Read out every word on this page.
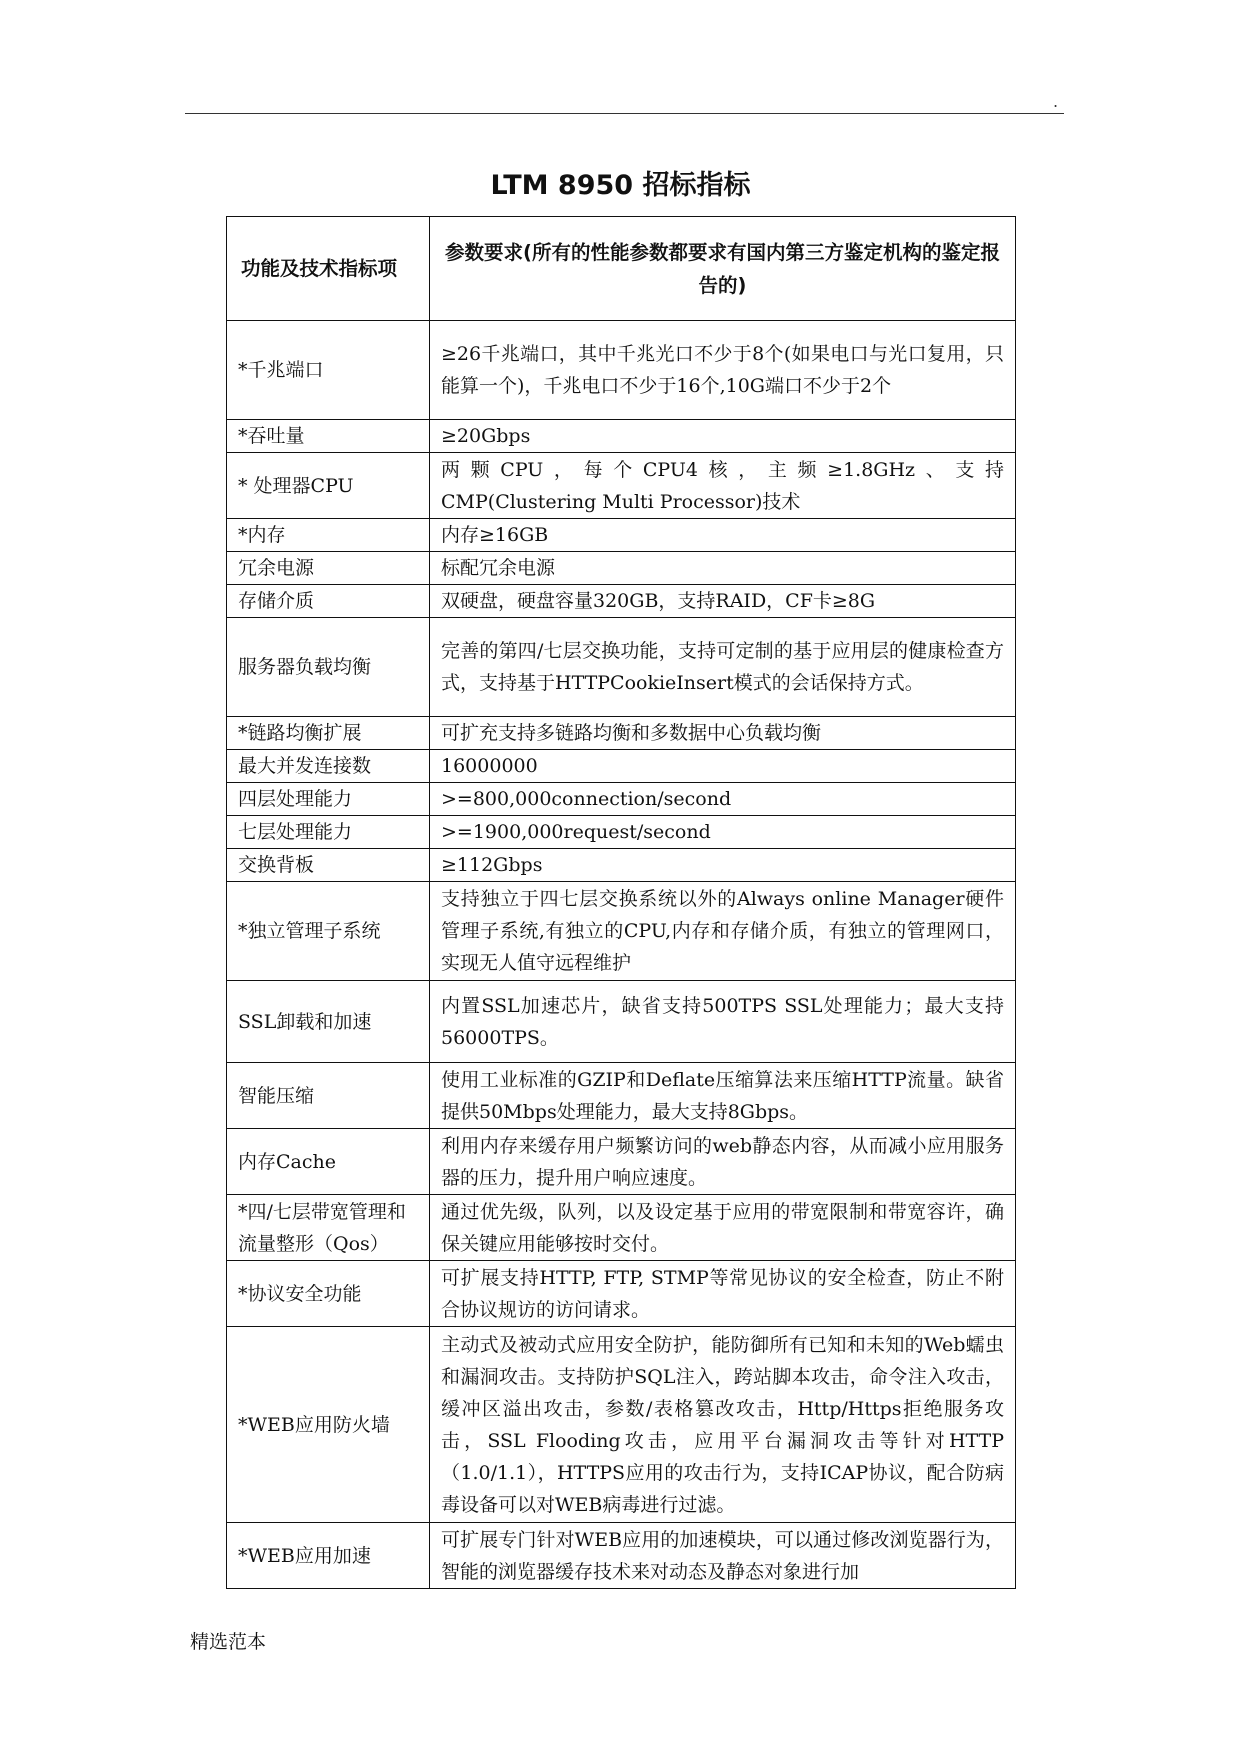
.
LTM 8950 招标指标
功能及技术指标项	参数要求(所有的性能参数都要求有国内第三方鉴定机构的鉴定报告的)
*千兆端口	≥26千兆端口，其中千兆光口不少于8个(如果电口与光口复用，只能算一个)，千兆电口不少于16个,10G端口不少于2个
*吞吐量	≥20Gbps
* 处理器CPU	两颗CPU，每个CPU4核，主频≥1.8GHz、支持CMP(Clustering Multi Processor)技术
*内存	内存≥16GB
冗余电源	标配冗余电源
存储介质	双硬盘，硬盘容量320GB，支持RAID，CF卡≥8G
服务器负载均衡	完善的第四/七层交换功能，支持可定制的基于应用层的健康检查方式，支持基于HTTPCookieInsert模式的会话保持方式。
*链路均衡扩展	可扩充支持多链路均衡和多数据中心负载均衡
最大并发连接数	16000000
四层处理能力	>=800,000connection/second
七层处理能力	>=1900,000request/second
交换背板	≥112Gbps
*独立管理子系统	支持独立于四七层交换系统以外的Always online Manager硬件管理子系统,有独立的CPU,内存和存储介质，有独立的管理网口，实现无人值守远程维护
SSL卸载和加速	内置SSL加速芯片，缺省支持500TPS SSL处理能力；最大支持56000TPS。
智能压缩	使用工业标准的GZIP和Deflate压缩算法来压缩HTTP流量。缺省提供50Mbps处理能力，最大支持8Gbps。
内存Cache	利用内存来缓存用户频繁访问的web静态内容，从而减小应用服务器的压力，提升用户响应速度。
*四/七层带宽管理和流量整形（Qos）	通过优先级，队列，以及设定基于应用的带宽限制和带宽容许，确保关键应用能够按时交付。
*协议安全功能	可扩展支持HTTP, FTP, STMP等常见协议的安全检查，防止不附合协议规访的访问请求。
*WEB应用防火墙	主动式及被动式应用安全防护，能防御所有已知和未知的Web蠕虫和漏洞攻击。支持防护SQL注入，跨站脚本攻击，命令注入攻击，缓冲区溢出攻击，参数/表格篡改攻击，Http/Https拒绝服务攻击，SSL Flooding攻击，应用平台漏洞攻击等针对HTTP（1.0/1.1），HTTPS应用的攻击行为，支持ICAP协议，配合防病毒设备可以对WEB病毒进行过滤。
*WEB应用加速	可扩展专门针对WEB应用的加速模块，可以通过修改浏览器行为，智能的浏览器缓存技术来对动态及静态对象进行加
精选范本
